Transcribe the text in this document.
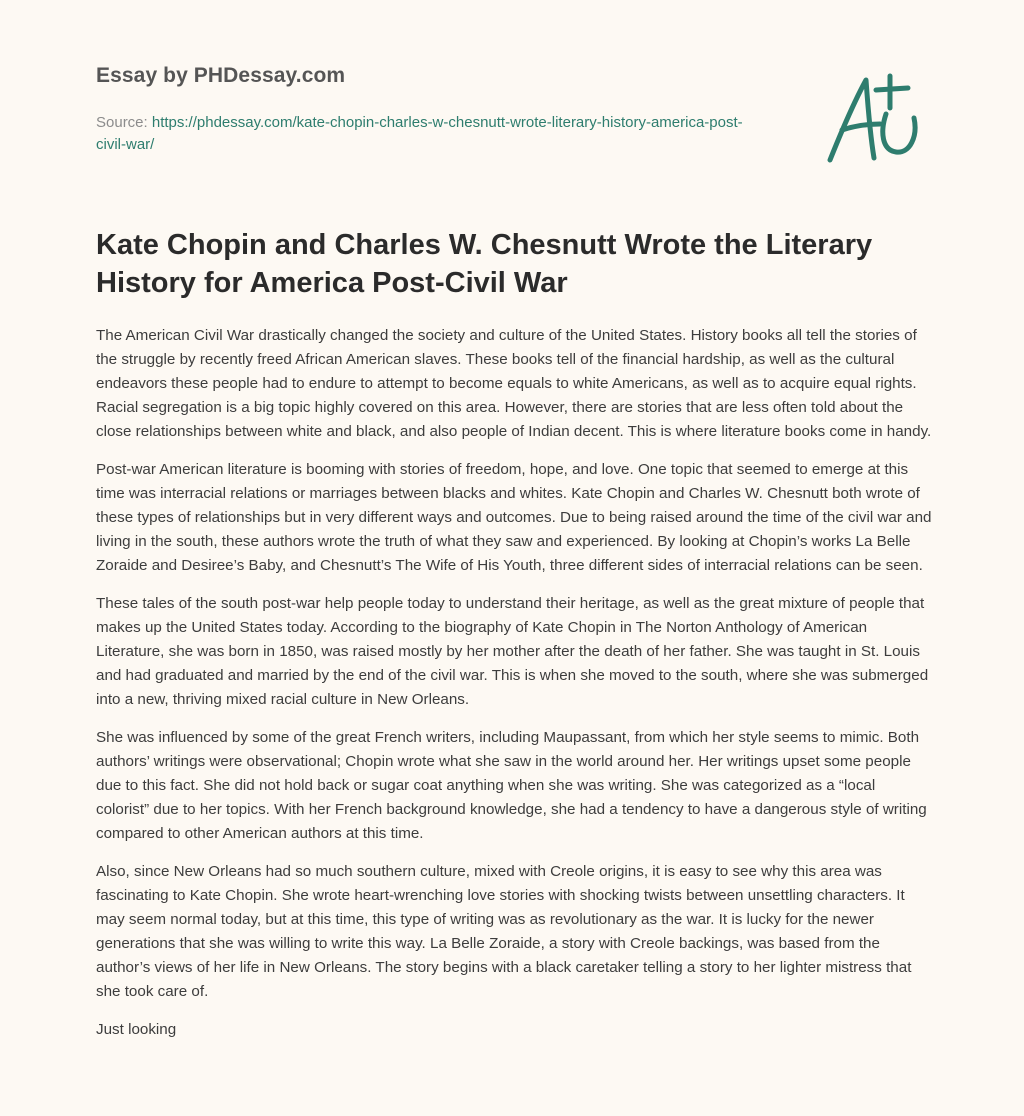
Essay by PHDessay.com
Source: https://phdessay.com/kate-chopin-charles-w-chesnutt-wrote-literary-history-america-post-civil-war/
Kate Chopin and Charles W. Chesnutt Wrote the Literary History for America Post-Civil War

The American Civil War drastically changed the society and culture of the United States. History books all tell the stories of the struggle by recently freed African American slaves. These books tell of the financial hardship, as well as the cultural endeavors these people had to endure to attempt to become equals to white Americans, as well as to acquire equal rights. Racial segregation is a big topic highly covered on this area. However, there are stories that are less often told about the close relationships between white and black, and also people of Indian decent. This is where literature books come in handy.

Post-war American literature is booming with stories of freedom, hope, and love. One topic that seemed to emerge at this time was interracial relations or marriages between blacks and whites. Kate Chopin and Charles W. Chesnutt both wrote of these types of relationships but in very different ways and outcomes. Due to being raised around the time of the civil war and living in the south, these authors wrote the truth of what they saw and experienced. By looking at Chopin’s works La Belle Zoraide and Desiree’s Baby, and Chesnutt’s The Wife of His Youth, three different sides of interracial relations can be seen.

These tales of the south post-war help people today to understand their heritage, as well as the great mixture of people that makes up the United States today. According to the biography of Kate Chopin in The Norton Anthology of American Literature, she was born in 1850, was raised mostly by her mother after the death of her father. She was taught in St. Louis and had graduated and married by the end of the civil war. This is when she moved to the south, where she was submerged into a new, thriving mixed racial culture in New Orleans.

She was influenced by some of the great French writers, including Maupassant, from which her style seems to mimic. Both authors’ writings were observational; Chopin wrote what she saw in the world around her. Her writings upset some people due to this fact. She did not hold back or sugar coat anything when she was writing. She was categorized as a “local colorist” due to her topics. With her French background knowledge, she had a tendency to have a dangerous style of writing compared to other American authors at this time.

Also, since New Orleans had so much southern culture, mixed with Creole origins, it is easy to see why this area was fascinating to Kate Chopin. She wrote heart-wrenching love stories with shocking twists between unsettling characters. It may seem normal today, but at this time, this type of writing was as revolutionary as the war. It is lucky for the newer generations that she was willing to write this way. La Belle Zoraide, a story with Creole backings, was based from the author’s views of her life in New Orleans. The story begins with a black caretaker telling a story to her lighter mistress that she took care of.

Just looking
